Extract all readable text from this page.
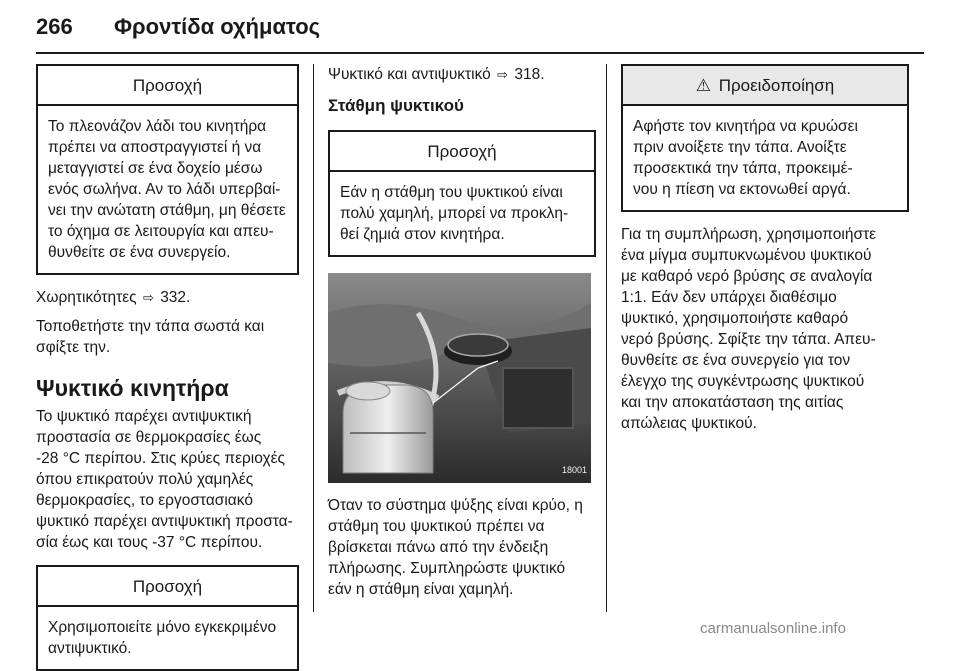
266 Φροντίδα οχήματος
Προσοχή

Το πλεονάζον λάδι του κινητήρα

πρέπει να αποστραγγιστεί ή να

μεταγγιστεί σε ένα δοχείο μέσω

ενός σωλήνα. Αν το λάδι υπερβαί-

νει την ανώτατη στάθμη, μη θέσετε

το όχημα σε λειτουργία και απευ-

θυνθείτε σε ένα συνεργείο.

Χωρητικότητες ⇨ 332.

Τοποθετήστε την τάπα σωστά και

σφίξτε την.

Ψυκτικό κινητήρα

Το ψυκτικό παρέχει αντιψυκτική

προστασία σε θερμοκρασίες έως

-28 °C περίπου. Στις κρύες περιοχές

όπου επικρατούν πολύ χαμηλές

θερμοκρασίες, το εργοστασιακό

ψυκτικό παρέχει αντιψυκτική προστα-

σία έως και τους -37 °C περίπου.

Προσοχή

Χρησιμοποιείτε μόνο εγκεκριμένο

αντιψυκτικό.

Ψυκτικό και αντιψυκτικό ⇨ 318.

Στάθμη ψυκτικού
Προσοχή

Εάν η στάθμη του ψυκτικού είναι

πολύ χαμηλή, μπορεί να προκλη-

θεί ζημιά στον κινητήρα.

18001

Όταν το σύστημα ψύξης είναι κρύο, η

στάθμη του ψυκτικού πρέπει να

βρίσκεται πάνω από την ένδειξη

πλήρωσης. Συμπληρώστε ψυκτικό

εάν η στάθμη είναι χαμηλή.

⚠ Προειδοποίηση

Αφήστε τον κινητήρα να κρυώσει

πριν ανοίξετε την τάπα. Ανοίξτε

προσεκτικά την τάπα, προκειμέ-

νου η πίεση να εκτονωθεί αργά.

Για τη συμπλήρωση, χρησιμοποιήστε

ένα μίγμα συμπυκνωμένου ψυκτικού

με καθαρό νερό βρύσης σε αναλογία

1:1. Εάν δεν υπάρχει διαθέσιμο

ψυκτικό, χρησιμοποιήστε καθαρό

νερό βρύσης. Σφίξτε την τάπα. Απευ-

θυνθείτε σε ένα συνεργείο για τον

έλεγχο της συγκέντρωσης ψυκτικού

και την αποκατάσταση της αιτίας

απώλειας ψυκτικού.

carmanualsonline.info
